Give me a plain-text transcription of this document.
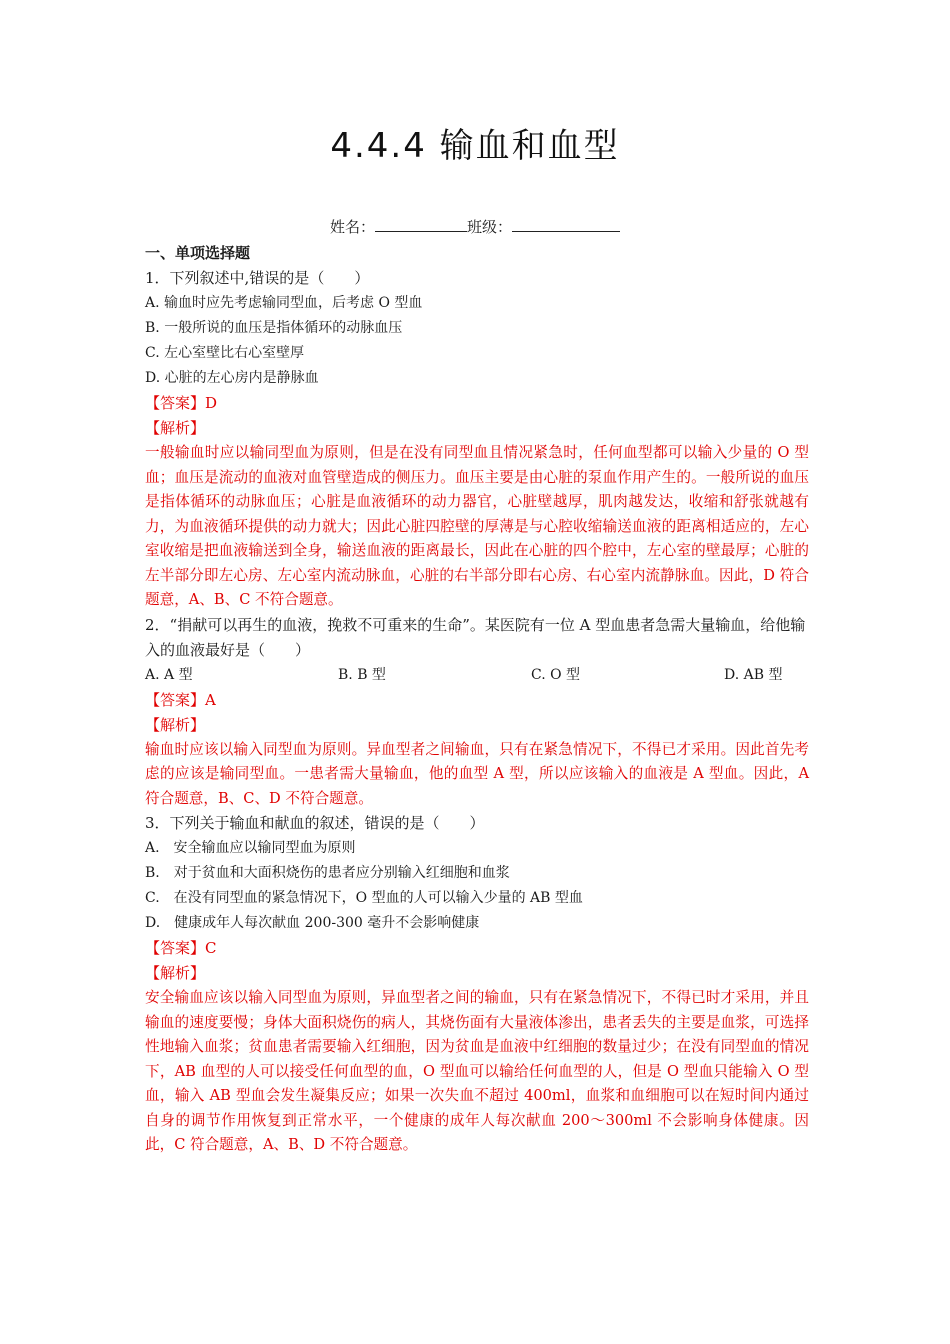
4.4.4 输血和血型
姓名：	班级：
一、单项选择题
1．下列叙述中,错误的是（　　）
A. 输血时应先考虑输同型血，后考虑 O 型血
B. 一般所说的血压是指体循环的动脉血压
C. 左心室壁比右心室壁厚
D. 心脏的左心房内是静脉血
【答案】D
【解析】
一般输血时应以输同型血为原则，但是在没有同型血且情况紧急时，任何血型都可以输入少量的 O 型血；血压是流动的血液对血管壁造成的侧压力。血压主要是由心脏的泵血作用产生的。一般所说的血压是指体循环的动脉血压；心脏是血液循环的动力器官，心脏壁越厚，肌肉越发达，收缩和舒张就越有力，为血液循环提供的动力就大；因此心脏四腔壁的厚薄是与心腔收缩输送血液的距离相适应的，左心室收缩是把血液输送到全身，输送血液的距离最长，因此在心脏的四个腔中，左心室的壁最厚；心脏的左半部分即左心房、左心室内流动脉血，心脏的右半部分即右心房、右心室内流静脉血。因此，D 符合题意，A、B、C 不符合题意。
2．“捐献可以再生的血液，挽救不可重来的生命”。某医院有一位 A 型血患者急需大量输血，给他输入的血液最好是（　　）
A. A 型	B. B 型	C. O 型	D. AB 型
【答案】A
【解析】
输血时应该以输入同型血为原则。异血型者之间输血，只有在紧急情况下，不得已才采用。因此首先考虑的应该是输同型血。一患者需大量输血，他的血型 A 型，所以应该输入的血液是 A 型血。因此，A 符合题意，B、C、D 不符合题意。
3．下列关于输血和献血的叙述，错误的是（　　）
A.　安全输血应以输同型血为原则
B.　对于贫血和大面积烧伤的患者应分别输入红细胞和血浆
C.　在没有同型血的紧急情况下，O 型血的人可以输入少量的 AB 型血
D.　健康成年人每次献血 200-300 毫升不会影响健康
【答案】C
【解析】
安全输血应该以输入同型血为原则，异血型者之间的输血，只有在紧急情况下，不得已时才采用，并且输血的速度要慢；身体大面积烧伤的病人，其烧伤面有大量液体渗出，患者丢失的主要是血浆，可选择性地输入血浆；贫血患者需要输入红细胞，因为贫血是血液中红细胞的数量过少；在没有同型血的情况下，AB 血型的人可以接受任何血型的血，O 型血可以输给任何血型的人，但是 O 型血只能输入 O 型血，输入 AB 型血会发生凝集反应；如果一次失血不超过 400ml，血浆和血细胞可以在短时间内通过自身的调节作用恢复到正常水平，一个健康的成年人每次献血 200～300ml 不会影响身体健康。因此，C 符合题意，A、B、D 不符合题意。
